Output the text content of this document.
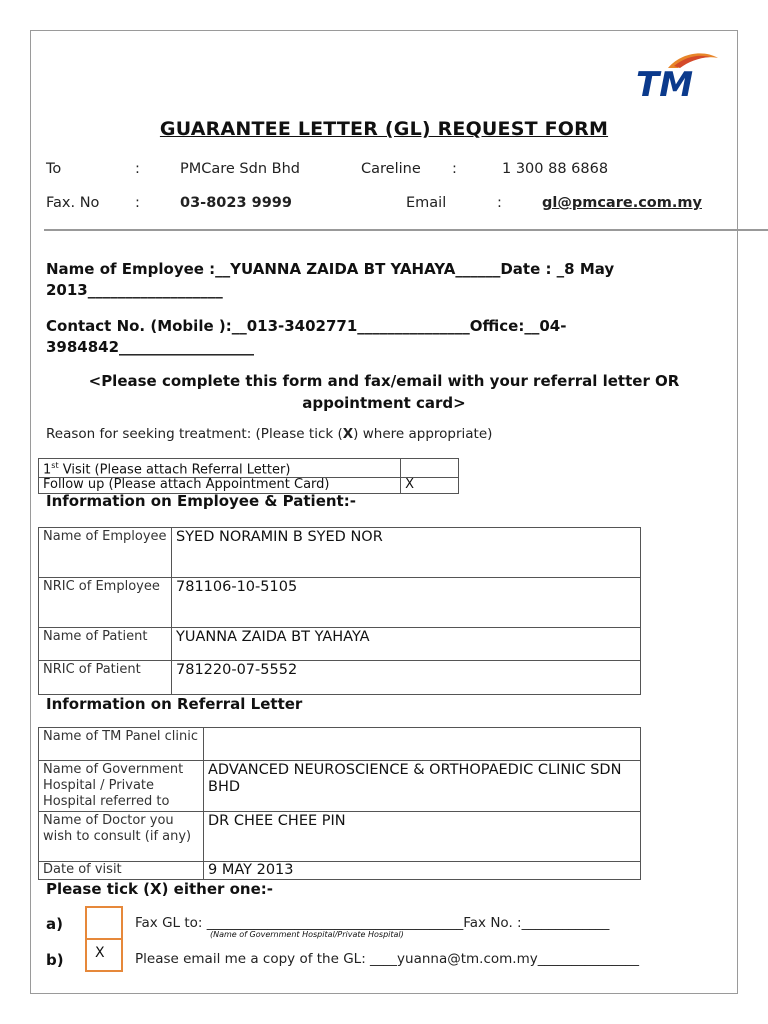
TM
GUARANTEE LETTER (GL) REQUEST FORM
To	:	PMCare Sdn Bhd	Careline :	1 300 88 6868
Fax. No :	03-8023 9999	Email	:	gl@pmcare.com.my
Name of Employee :__YUANNA ZAIDA BT YAHAYA______Date : _8 May 2013__________________
Contact No. (Mobile ):__013-3402771_______________Office:__04-3984842__________________
<Please complete this form and fax/email with your referral letter OR appointment card>
Reason for seeking treatment: (Please tick (X) where appropriate)
1st Visit (Please attach Referral Letter)	
Follow up (Please attach Appointment Card)	X
Information on Employee & Patient:-
Name of Employee	SYED NORAMIN B SYED NOR
NRIC of Employee	781106-10-5105
Name of Patient	YUANNA ZAIDA BT YAHAYA
NRIC of Patient	781220-07-5552
Information on Referral Letter
Name of TM Panel clinic	
Name of Government Hospital / Private Hospital referred to	ADVANCED NEUROSCIENCE & ORTHOPAEDIC CLINIC SDN BHD
Name of Doctor you wish to consult (if any)	DR CHEE CHEE PIN
Date of visit	9 MAY 2013
Please tick (X) either one:-
a)	Fax GL to: ______________________________________Fax No. :_____________
(Name of Government Hospital/Private Hospital)
b) X Please email me a copy of the GL: ____yuanna@tm.com.my_______________
